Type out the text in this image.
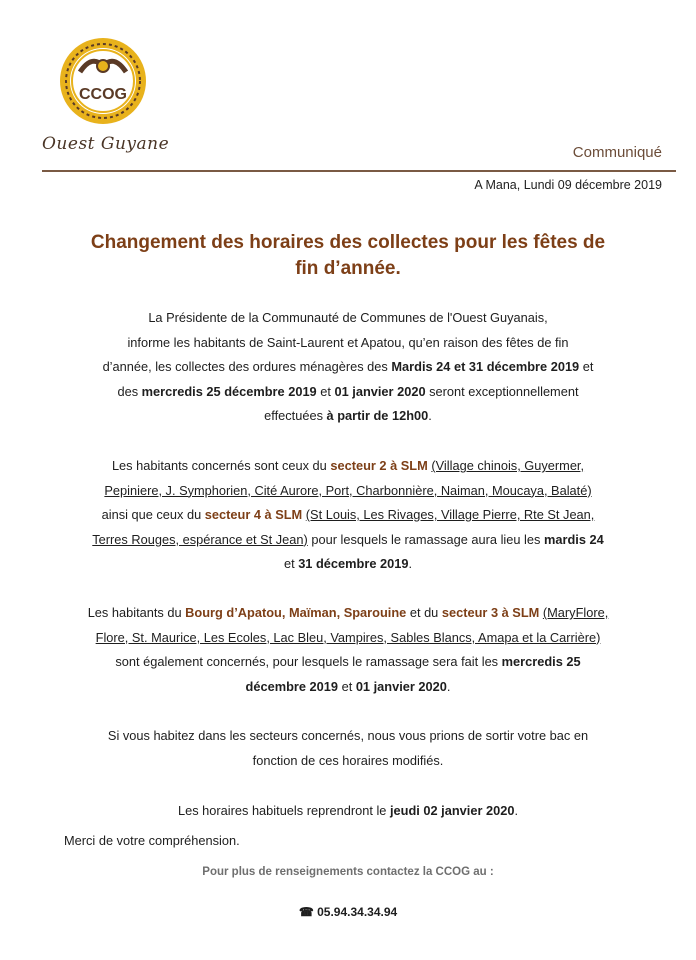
CCOG
Ouest Guyane	Communiqué
A Mana, Lundi 09 décembre 2019
Changement des horaires des collectes pour les fêtes de
fin d’année.
La Présidente de la Communauté de Communes de l'Ouest Guyanais,
informe les habitants de Saint-Laurent et Apatou, qu’en raison des fêtes de fin
d’année, les collectes des ordures ménagères des Mardis 24 et 31 décembre 2019 et
des mercredis 25 décembre 2019 et 01 janvier 2020 seront exceptionnellement
effectuées à partir de 12h00.
Les habitants concernés sont ceux du secteur 2 à SLM (Village chinois, Guyermer,
Pepiniere, J. Symphorien, Cité Aurore, Port, Charbonnière, Naiman, Moucaya, Balaté)
ainsi que ceux du secteur 4 à SLM (St Louis, Les Rivages, Village Pierre, Rte St Jean,
Terres Rouges, espérance et St Jean) pour lesquels le ramassage aura lieu les mardis 24
et 31 décembre 2019.
Les habitants du Bourg d’Apatou, Maïman, Sparouine et du secteur 3 à SLM (MaryFlore,
Flore, St. Maurice, Les Ecoles, Lac Bleu, Vampires, Sables Blancs, Amapa et la Carrière)
sont également concernés, pour lesquels le ramassage sera fait les mercredis 25
décembre 2019 et 01 janvier 2020.
Si vous habitez dans les secteurs concernés, nous vous prions de sortir votre bac en
fonction de ces horaires modifiés.
Les horaires habituels reprendront le jeudi 02 janvier 2020.
Merci de votre compréhension.
Pour plus de renseignements contactez la CCOG au :
☎ 05.94.34.34.94
